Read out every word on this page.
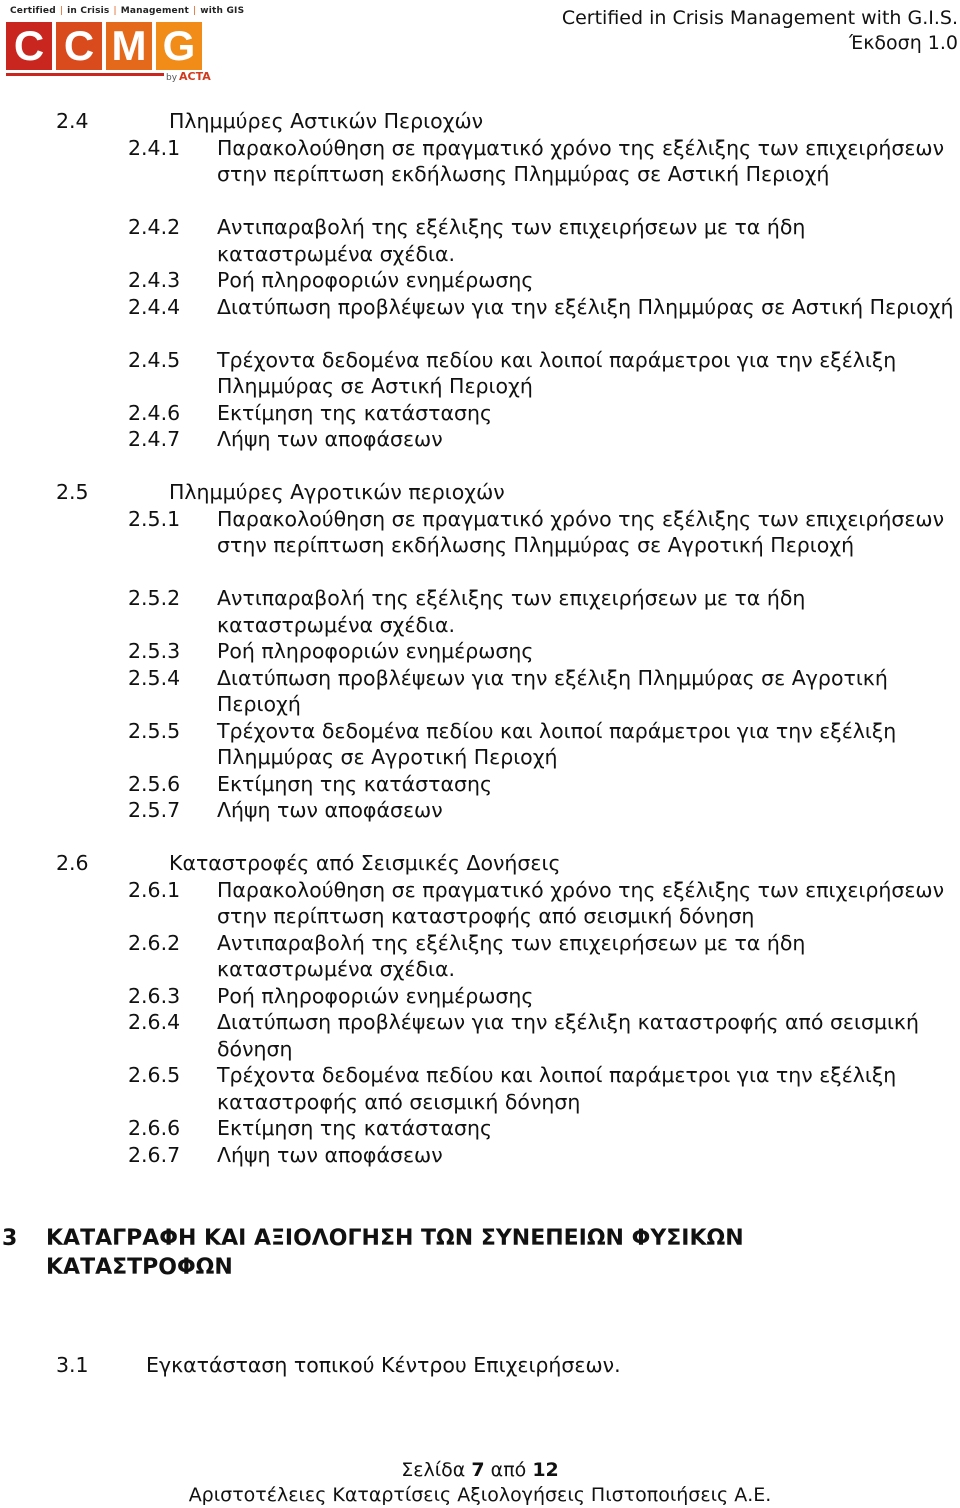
Certified | in Crisis | Management | with GIS
C C M G
by ACTA
Certified in Crisis Management with G.I.S.
Έκδοση 1.0
2.4	Πλημμύρες Αστικών Περιοχών
2.4.1 Παρακολούθηση σε πραγματικό χρόνο της εξέλιξης των επιχειρήσεων στην περίπτωση εκδήλωσης Πλημμύρας σε Αστική Περιοχή
2.4.2 Αντιπαραβολή της εξέλιξης των επιχειρήσεων με τα ήδη καταστρωμένα σχέδια.
2.4.3 Ροή πληροφοριών ενημέρωσης
2.4.4 Διατύπωση προβλέψεων για την εξέλιξη Πλημμύρας σε Αστική Περιοχή
2.4.5 Τρέχοντα δεδομένα πεδίου και λοιποί παράμετροι για την εξέλιξη Πλημμύρας σε Αστική Περιοχή
2.4.6 Εκτίμηση της κατάστασης
2.4.7 Λήψη των αποφάσεων
2.5	Πλημμύρες Αγροτικών περιοχών
2.5.1 Παρακολούθηση σε πραγματικό χρόνο της εξέλιξης των επιχειρήσεων στην περίπτωση εκδήλωσης Πλημμύρας σε Αγροτική Περιοχή
2.5.2 Αντιπαραβολή της εξέλιξης των επιχειρήσεων με τα ήδη καταστρωμένα σχέδια.
2.5.3 Ροή πληροφοριών ενημέρωσης
2.5.4 Διατύπωση προβλέψεων για την εξέλιξη Πλημμύρας σε Αγροτική Περιοχή
2.5.5 Τρέχοντα δεδομένα πεδίου και λοιποί παράμετροι για την εξέλιξη Πλημμύρας σε Αγροτική Περιοχή
2.5.6 Εκτίμηση της κατάστασης
2.5.7 Λήψη των αποφάσεων
2.6	Καταστροφές από Σεισμικές Δονήσεις
2.6.1 Παρακολούθηση σε πραγματικό χρόνο της εξέλιξης των επιχειρήσεων στην περίπτωση καταστροφής από σεισμική δόνηση
2.6.2 Αντιπαραβολή της εξέλιξης των επιχειρήσεων με τα ήδη καταστρωμένα σχέδια.
2.6.3 Ροή πληροφοριών ενημέρωσης
2.6.4 Διατύπωση προβλέψεων για την εξέλιξη καταστροφής από σεισμική δόνηση
2.6.5 Τρέχοντα δεδομένα πεδίου και λοιποί παράμετροι για την εξέλιξη καταστροφής από σεισμική δόνηση
2.6.6 Εκτίμηση της κατάστασης
2.6.7 Λήψη των αποφάσεων
3 ΚΑΤΑΓΡΑΦΗ ΚΑΙ ΑΞΙΟΛΟΓΗΣΗ ΤΩΝ ΣΥΝΕΠΕΙΩΝ ΦΥΣΙΚΩΝ ΚΑΤΑΣΤΡΟΦΩΝ
3.1	Εγκατάσταση τοπικού Κέντρου Επιχειρήσεων.
Σελίδα 7 από 12
Αριστοτέλειες Καταρτίσεις Αξιολογήσεις Πιστοποιήσεις Α.Ε.
